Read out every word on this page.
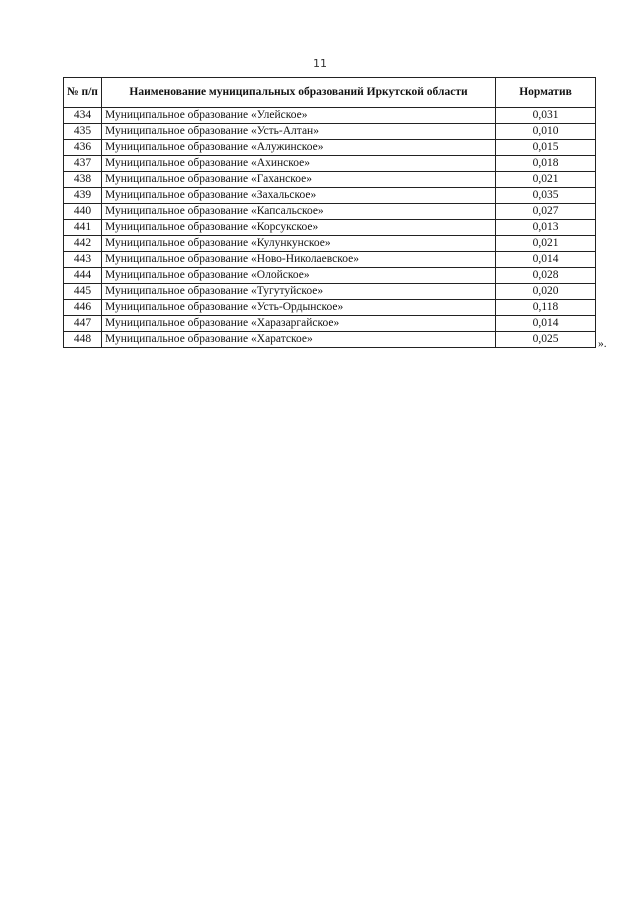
11
№ п/п	Наименование муниципальных образований Иркутской области	Норматив
434	Муниципальное образование «Улейское»	0,031
435	Муниципальное образование «Усть-Алтан»	0,010
436	Муниципальное образование «Алужинское»	0,015
437	Муниципальное образование «Ахинское»	0,018
438	Муниципальное образование «Гаханское»	0,021
439	Муниципальное образование «Захальское»	0,035
440	Муниципальное образование «Капсальское»	0,027
441	Муниципальное образование «Корсукское»	0,013
442	Муниципальное образование «Кулункунское»	0,021
443	Муниципальное образование «Ново-Николаевское»	0,014
444	Муниципальное образование «Олойское»	0,028
445	Муниципальное образование «Тугутуйское»	0,020
446	Муниципальное образование «Усть-Ордынское»	0,118
447	Муниципальное образование «Харазаргайское»	0,014
448	Муниципальное образование «Харатское»	0,025	».
